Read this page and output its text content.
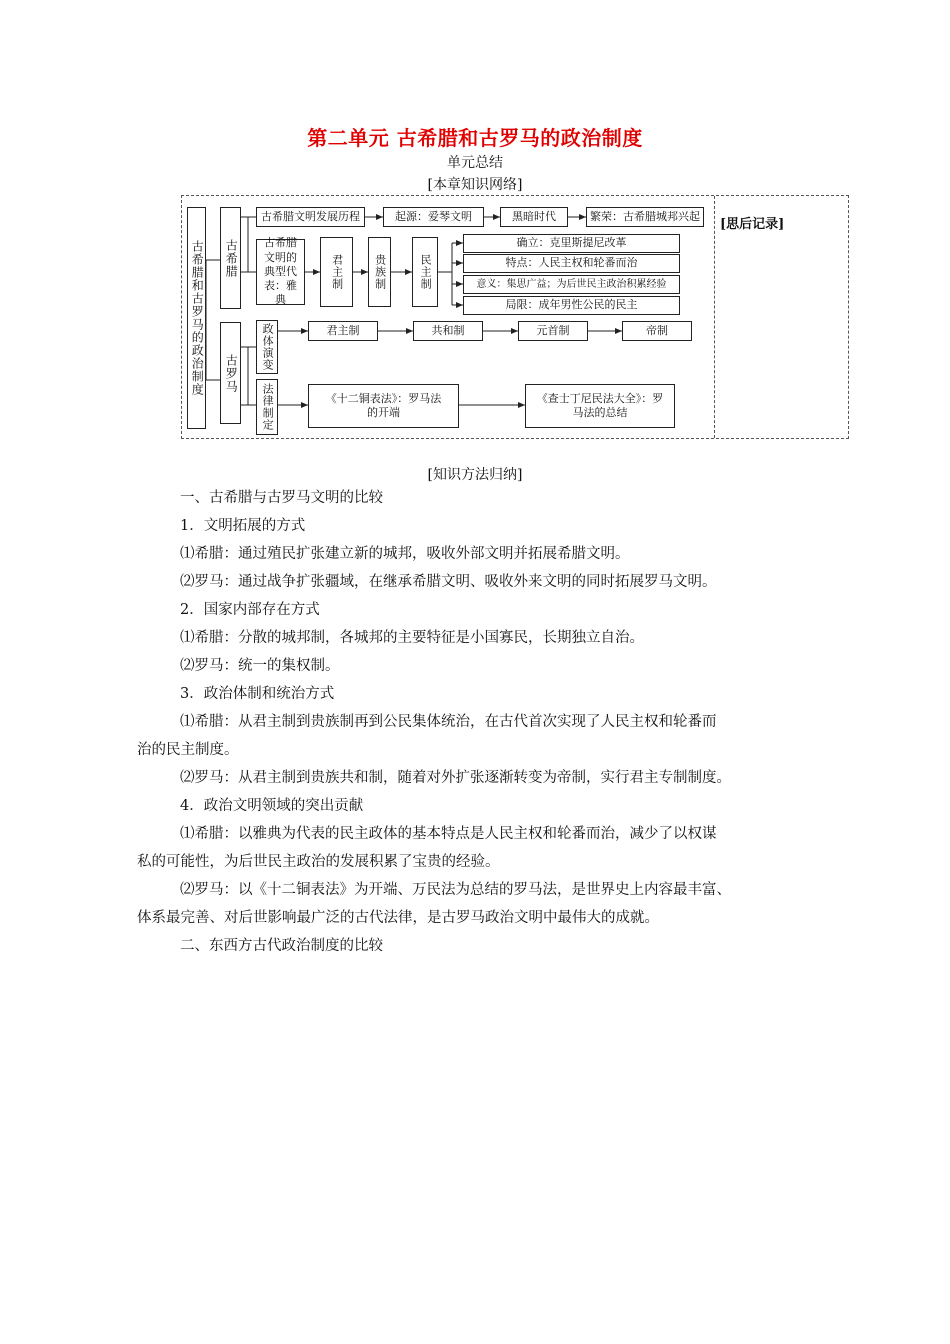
第二单元 古希腊和古罗马的政治制度
单元总结
[本章知识网络]
[思后记录]
古希腊和古罗马的政治制度	古希腊
古罗马
古希腊文明发展历程	起源：爱琴文明	黑暗时代	繁荣：古希腊城邦兴起
古希腊文明的典型代表：雅典
君主制	贵族制	民主制
确立：克里斯提尼改革
特点：人民主权和轮番而治
意义：集思广益；为后世民主政治积累经验
局限：成年男性公民的民主
政体演变
法律制定
君主制	共和制	元首制	帝制
《十二铜表法》：罗马法的开端
《查士丁尼民法大全》：罗马法的总结
[知识方法归纳]
一、古希腊与古罗马文明的比较
1．文明拓展的方式
⑴希腊：通过殖民扩张建立新的城邦，吸收外部文明并拓展希腊文明。
⑵罗马：通过战争扩张疆域，在继承希腊文明、吸收外来文明的同时拓展罗马文明。
2．国家内部存在方式
⑴希腊：分散的城邦制，各城邦的主要特征是小国寡民，长期独立自治。
⑵罗马：统一的集权制。
3．政治体制和统治方式
⑴希腊：从君主制到贵族制再到公民集体统治，在古代首次实现了人民主权和轮番而
治的民主制度。
⑵罗马：从君主制到贵族共和制，随着对外扩张逐渐转变为帝制，实行君主专制制度。
4．政治文明领域的突出贡献
⑴希腊：以雅典为代表的民主政体的基本特点是人民主权和轮番而治，减少了以权谋
私的可能性，为后世民主政治的发展积累了宝贵的经验。
⑵罗马：以《十二铜表法》为开端、万民法为总结的罗马法，是世界史上内容最丰富、
体系最完善、对后世影响最广泛的古代法律，是古罗马政治文明中最伟大的成就。
二、东西方古代政治制度的比较
